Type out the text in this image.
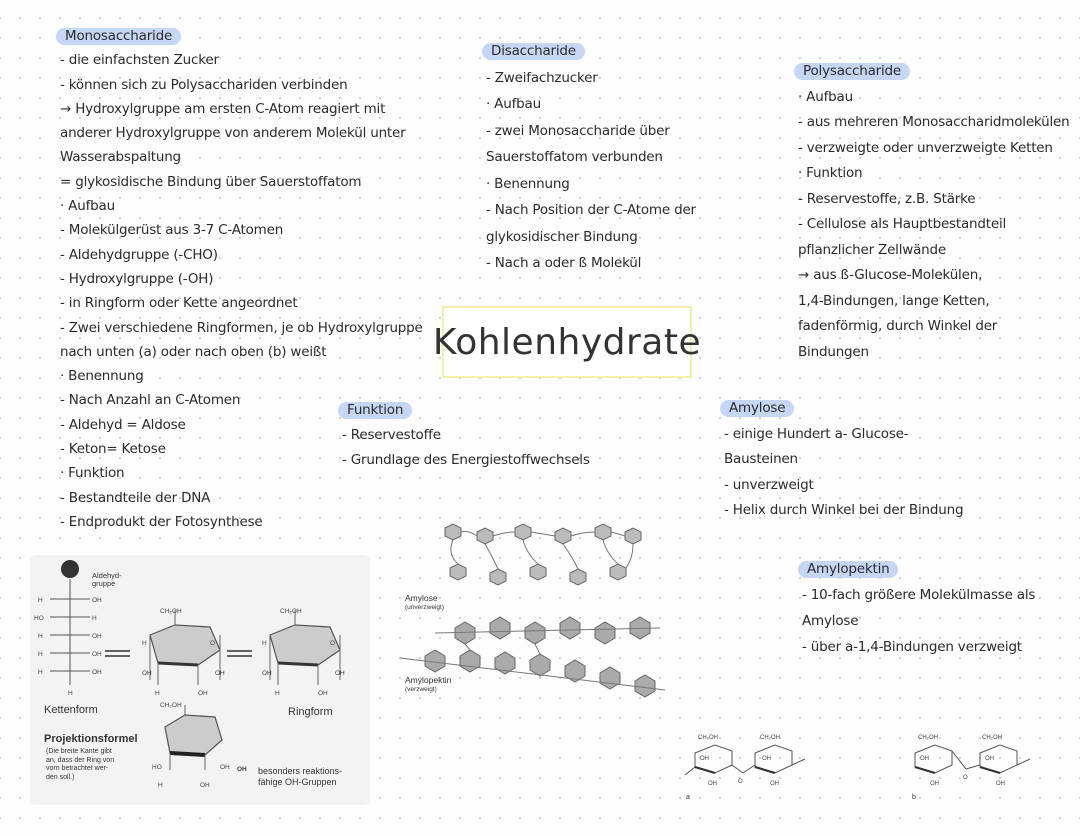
Kohlenhydrate
Monosaccharide
- die einfachsten Zucker
- können sich zu Polysacchariden verbinden
→ Hydroxylgruppe am ersten C-Atom reagiert mit
anderer Hydroxylgruppe von anderem Molekül unter
Wasserabspaltung
= glykosidische Bindung über Sauerstoffatom
· Aufbau
- Molekülgerüst aus 3-7 C-Atomen
- Aldehydgruppe (-CHO)
- Hydroxylgruppe (-OH)
- in Ringform oder Kette angeordnet
- Zwei verschiedene Ringformen, je ob Hydroxylgruppe
nach unten (a) oder nach oben (b) weißt
· Benennung
- Nach Anzahl an C-Atomen
- Aldehyd = Aldose
- Keton= Ketose
· Funktion
- Bestandteile der DNA
- Endprodukt der Fotosynthese
Disaccharide
- Zweifachzucker
· Aufbau
- zwei Monosaccharide über
Sauerstoffatom verbunden
· Benennung
- Nach Position der C-Atome der
glykosidischer Bindung
- Nach a oder ß Molekül
Polysaccharide
· Aufbau
- aus mehreren Monosaccharidmolekülen
- verzweigte oder unverzweigte Ketten
· Funktion
- Reservestoffe, z.B. Stärke
- Cellulose als Hauptbestandteil
pflanzlicher Zellwände
→ aus ß-Glucose-Molekülen,
1,4-Bindungen, lange Ketten,
fadenförmig, durch Winkel der
Bindungen
Funktion
- Reservestoffe
- Grundlage des Energiestoffwechsels
Amylose
- einige Hundert a- Glucose-
Bausteinen
- unverzweigt
- Helix durch Winkel bei der Bindung
Amylopektin
- 10-fach größere Molekülmasse als
Amylose
- über a-1,4-Bindungen verzweigt
H	OH
HO	H
H	OH
H	OH
H	OH
H
CH₂OH
H	O
OH	OH
H	OH
CH₂OH
H	O
OH	OH
H	OH
CH₂OH
HO	OH
H	OH
OH
Aldehyd-
gruppe
Kettenform	Ringform
Projektionsformel
(Die breite Kante gibt
an, dass der Ring von
vorn betrachtet wer-
den soll.)
besonders reaktions-
fähige OH-Gruppen
Amylose
(unverzweigt)
Amylopektin
(verzweigt)
CH₂OH	CH₂OH
OH	OH
OH	OH
O
CH₂OH	CH₂OH
OH	OH
OH	OH
O
a	b
